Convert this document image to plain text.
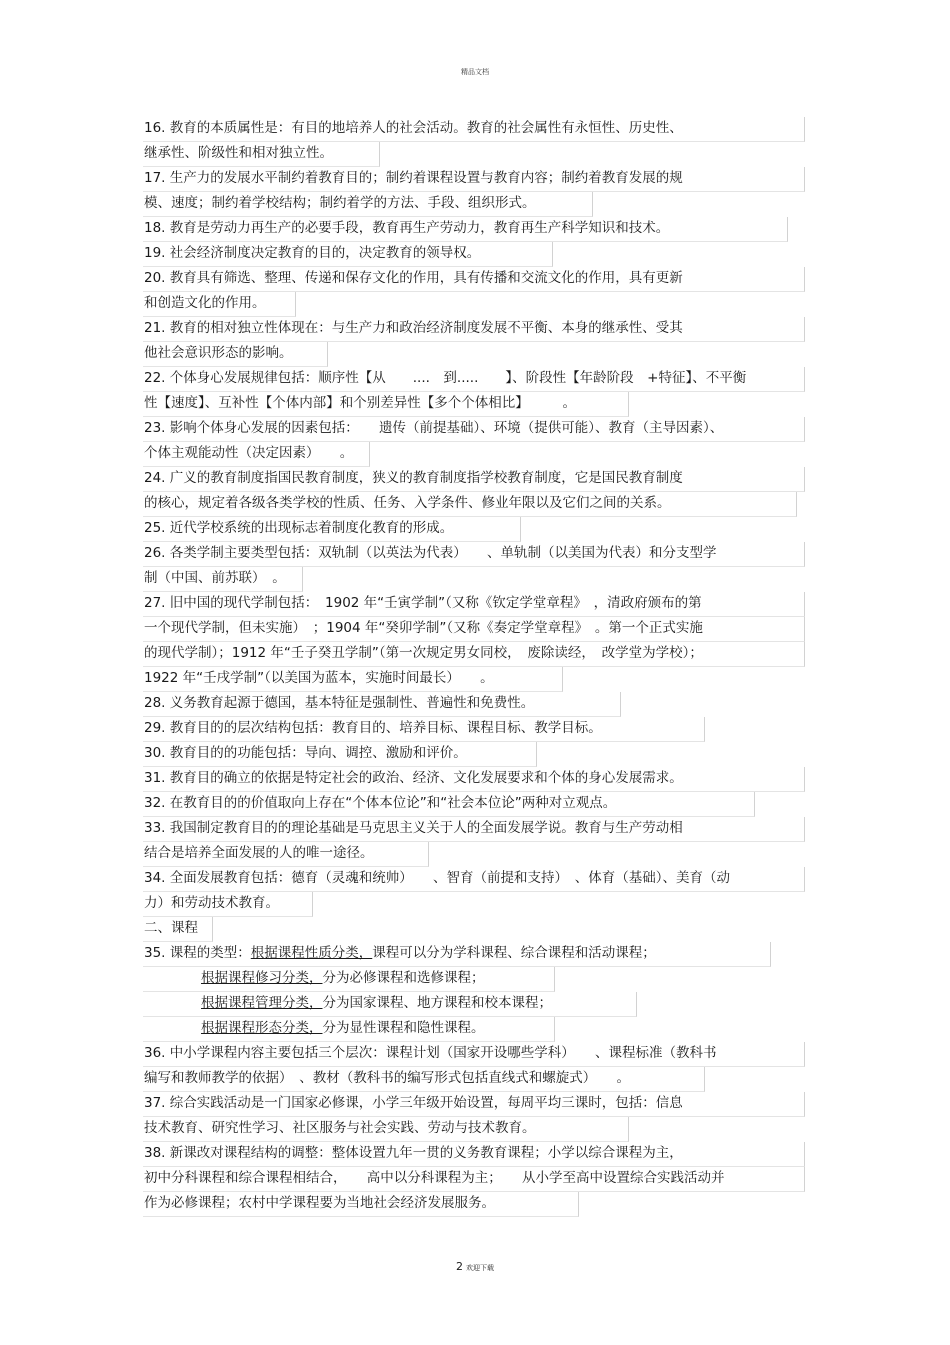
精品文档
16. 教育的本质属性是：有目的地培养人的社会活动。教育的社会属性有永恒性、历史性、
继承性、阶级性和相对独立性。
17. 生产力的发展水平制约着教育目的；制约着课程设置与教育内容；制约着教育发展的规
模、速度；制约着学校结构；制约着学的方法、手段、组织形式。
18. 教育是劳动力再生产的必要手段，教育再生产劳动力，教育再生产科学知识和技术。
19. 社会经济制度决定教育的目的，决定教育的领导权。
20. 教育具有筛选、整理、传递和保存文化的作用，具有传播和交流文化的作用，具有更新
和创造文化的作用。
21. 教育的相对独立性体现在：与生产力和政治经济制度发展不平衡、本身的继承性、受其
他社会意识形态的影响。
22. 个体身心发展规律包括：顺序性【从　　....　到.....　　】、阶段性【年龄阶段　+特征】、不平衡
性【速度】、互补性【个体内部】和个别差异性【多个个体相比】　　　。
23. 影响个体身心发展的因素包括：　　遗传（前提基础）、环境（提供可能）、教育（主导因素）、
个体主观能动性（决定因素）　　。
24. 广义的教育制度指国民教育制度，狭义的教育制度指学校教育制度，它是国民教育制度
的核心，规定着各级各类学校的性质、任务、入学条件、修业年限以及它们之间的关系。
25. 近代学校系统的出现标志着制度化教育的形成。
26. 各类学制主要类型包括：双轨制（以英法为代表）　　、单轨制（以美国为代表）和分支型学
制（中国、前苏联）　。
27. 旧中国的现代学制包括：　1902 年“壬寅学制”（又称《钦定学堂章程》　，清政府颁布的第
一个现代学制，但未实施）　；1904 年“癸卯学制”（又称《奏定学堂章程》　。第一个正式实施
的现代学制）；1912 年“壬子癸丑学制”（第一次规定男女同校，　废除读经，　改学堂为学校）；
1922 年“壬戌学制”（以美国为蓝本，实施时间最长）　　。
28. 义务教育起源于德国，基本特征是强制性、普遍性和免费性。
29. 教育目的的层次结构包括：教育目的、培养目标、课程目标、教学目标。
30. 教育目的的功能包括：导向、调控、激励和评价。
31. 教育目的确立的依据是特定社会的政治、经济、文化发展要求和个体的身心发展需求。
32. 在教育目的的价值取向上存在“个体本位论”和“社会本位论”两种对立观点。
33. 我国制定教育目的的理论基础是马克思主义关于人的全面发展学说。教育与生产劳动相
结合是培养全面发展的人的唯一途径。
34. 全面发展教育包括：德育（灵魂和统帅）　　、智育（前提和支持）　、体育（基础）、美育（动
力）和劳动技术教育。
二、课程
35. 课程的类型：根据课程性质分类，课程可以分为学科课程、综合课程和活动课程；
根据课程修习分类，分为必修课程和选修课程；
根据课程管理分类，分为国家课程、地方课程和校本课程；
根据课程形态分类，分为显性课程和隐性课程。
36. 中小学课程内容主要包括三个层次：课程计划（国家开设哪些学科）　　、课程标准（教科书
编写和教师教学的依据）　、教材（教科书的编写形式包括直线式和螺旋式）　　。
37. 综合实践活动是一门国家必修课，小学三年级开始设置，每周平均三课时，包括：信息
技术教育、研究性学习、社区服务与社会实践、劳动与技术教育。
38. 新课改对课程结构的调整：整体设置九年一贯的义务教育课程；小学以综合课程为主，
初中分科课程和综合课程相结合，　　高中以分科课程为主；　　从小学至高中设置综合实践活动并
作为必修课程；农村中学课程要为当地社会经济发展服务。
2 欢迎下载
